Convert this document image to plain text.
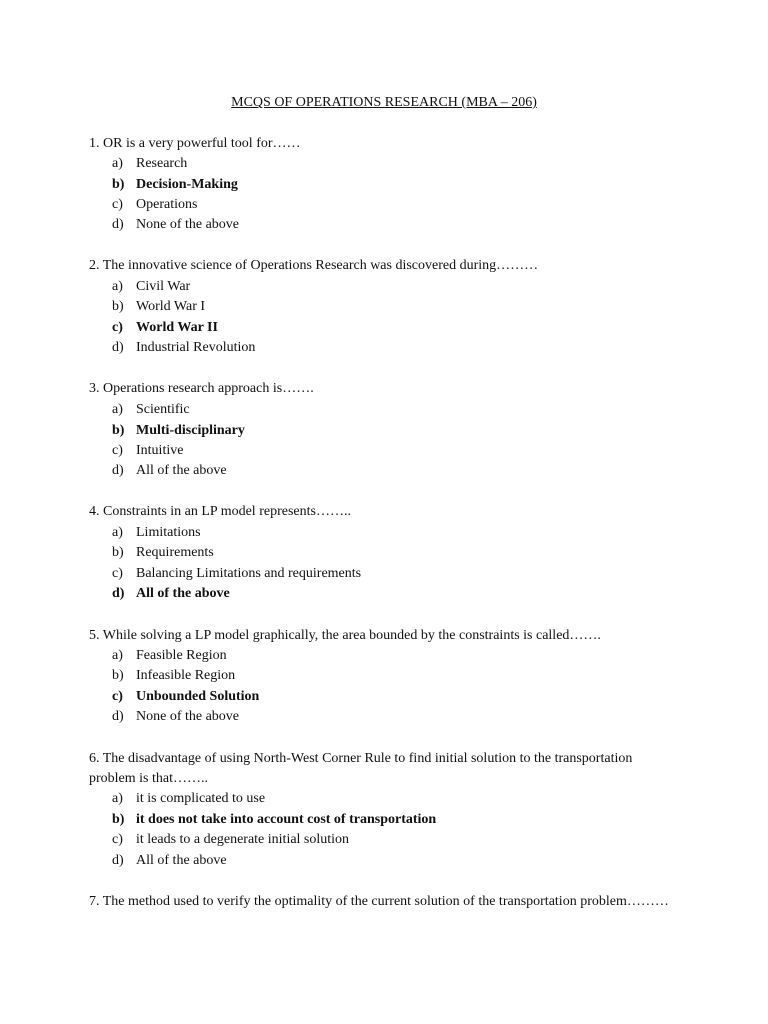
MCQS OF OPERATIONS RESEARCH (MBA – 206)
1. OR is a very powerful tool for……
a) Research
b) Decision-Making
c) Operations
d) None of the above
2. The innovative science of Operations Research was discovered during………
a) Civil War
b) World War I
c) World War II
d) Industrial Revolution
3. Operations research approach is…….
a) Scientific
b) Multi-disciplinary
c) Intuitive
d) All of the above
4. Constraints in an LP model represents……..
a) Limitations
b) Requirements
c) Balancing Limitations and requirements
d) All of the above
5. While solving a LP model graphically, the area bounded by the constraints is called…….
a) Feasible Region
b) Infeasible Region
c) Unbounded Solution
d) None of the above
6. The disadvantage of using North-West Corner Rule to find initial solution to the transportation problem is that……..
a) it is complicated to use
b) it does not take into account cost of transportation
c) it leads to a degenerate initial solution
d) All of the above
7. The method used to verify the optimality of the current solution of the transportation problem………
